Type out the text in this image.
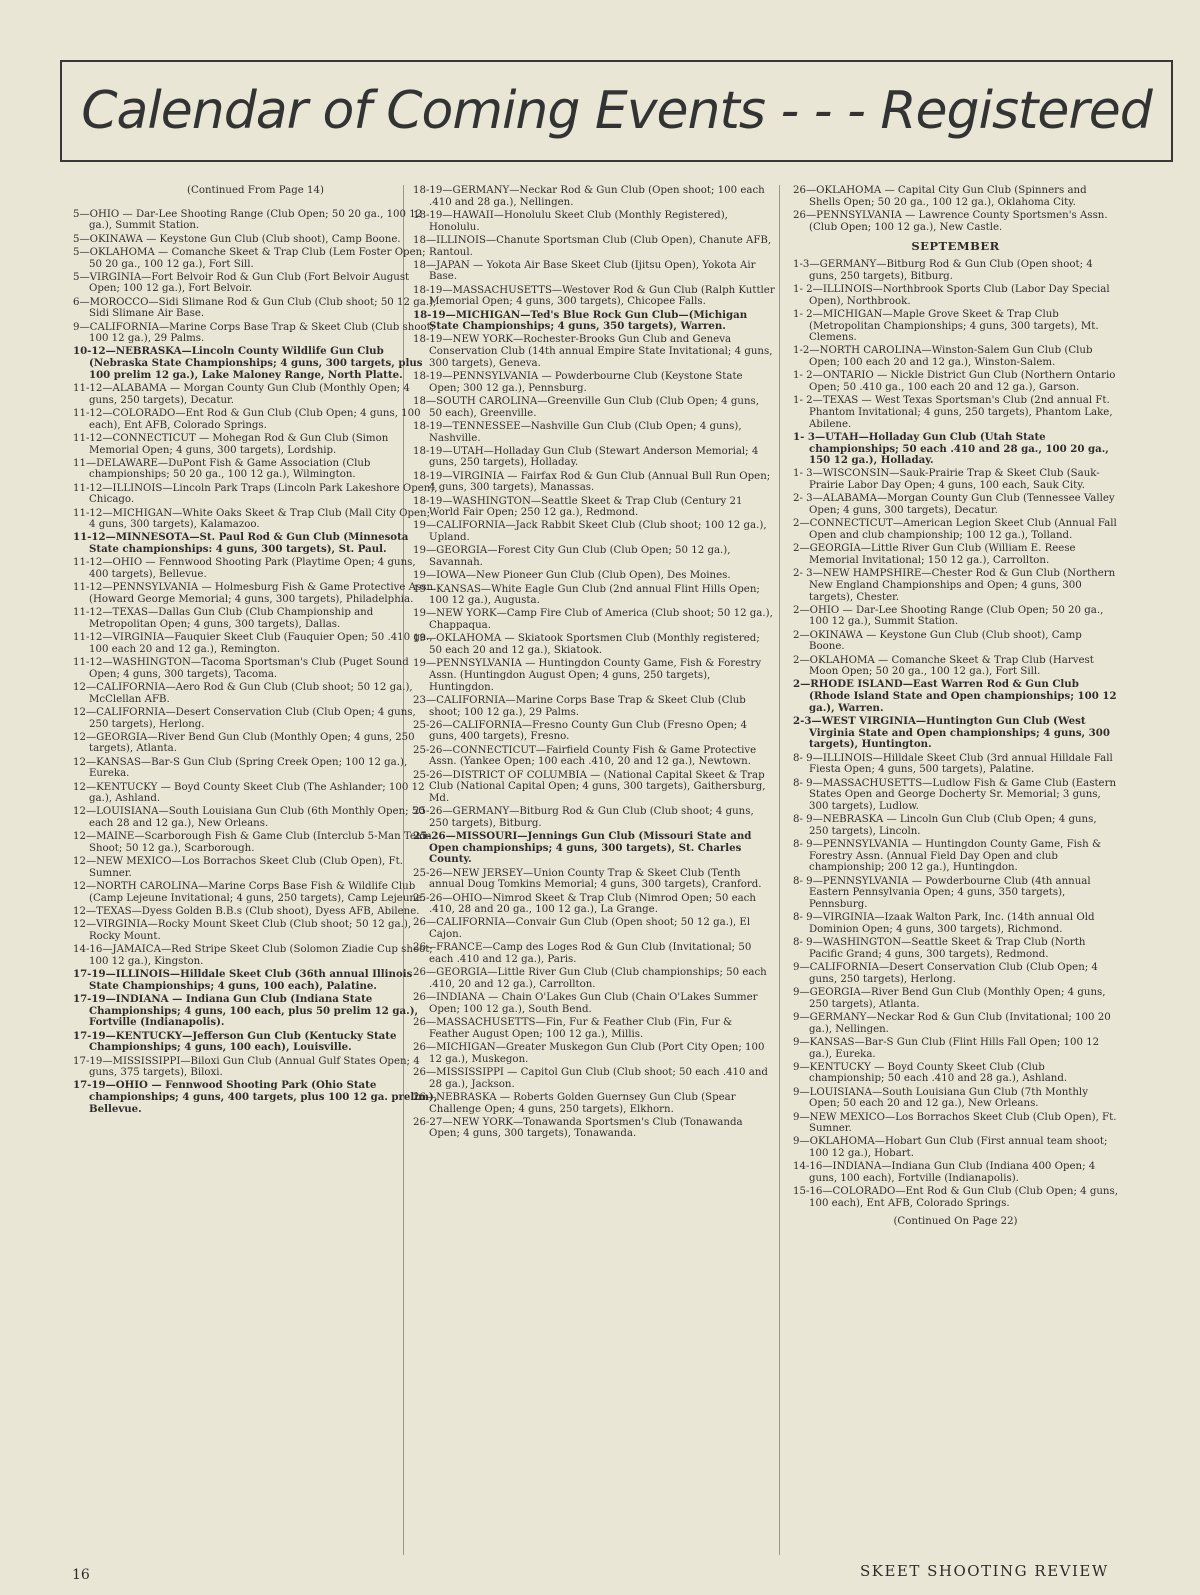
Calendar of Coming Events - - - Registered
(Continued From Page 14)
5—OHIO — Dar-Lee Shooting Range (Club Open; 50 20 ga., 100 12 ga.), Summit Station.
5—OKINAWA — Keystone Gun Club (Club shoot), Camp Boone.
5—OKLAHOMA — Comanche Skeet & Trap Club (Lem Foster Open; 50 20 ga., 100 12 ga.), Fort Sill.
5—VIRGINIA—Fort Belvoir Rod & Gun Club (Fort Belvoir August Open; 100 12 ga.), Fort Belvoir.
6—MOROCCO—Sidi Slimane Rod & Gun Club (Club shoot; 50 12 ga.), Sidi Slimane Air Base.
9—CALIFORNIA—Marine Corps Base Trap & Skeet Club (Club shoot; 100 12 ga.), 29 Palms.
10-12—NEBRASKA—Lincoln County Wildlife Gun Club (Nebraska State Championships; 4 guns, 300 targets, plus 100 prelim 12 ga.), Lake Maloney Range, North Platte.
11-12—ALABAMA — Morgan County Gun Club (Monthly Open; 4 guns, 250 targets), Decatur.
11-12—COLORADO—Ent Rod & Gun Club (Club Open; 4 guns, 100 each), Ent AFB, Colorado Springs.
11-12—CONNECTICUT — Mohegan Rod & Gun Club (Simon Memorial Open; 4 guns, 300 targets), Lordship.
11—DELAWARE—DuPont Fish & Game Association (Club championships; 50 20 ga., 100 12 ga.), Wilmington.
11-12—ILLINOIS—Lincoln Park Traps (Lincoln Park Lakeshore Open), Chicago.
11-12—MICHIGAN—White Oaks Skeet & Trap Club (Mall City Open; 4 guns, 300 targets), Kalamazoo.
11-12—MINNESOTA—St. Paul Rod & Gun Club (Minnesota State championships: 4 guns, 300 targets), St. Paul.
11-12—OHIO — Fennwood Shooting Park (Playtime Open; 4 guns, 400 targets), Bellevue.
11-12—PENNSYLVANIA — Holmesburg Fish & Game Protective Assn. (Howard George Memorial; 4 guns, 300 targets), Philadelphia.
11-12—TEXAS—Dallas Gun Club (Club Championship and Metropolitan Open; 4 guns, 300 targets), Dallas.
11-12—VIRGINIA—Fauquier Skeet Club (Fauquier Open; 50 .410 ga., 100 each 20 and 12 ga.), Remington.
11-12—WASHINGTON—Tacoma Sportsman's Club (Puget Sound Open; 4 guns, 300 targets), Tacoma.
12—CALIFORNIA—Aero Rod & Gun Club (Club shoot; 50 12 ga.), McClellan AFB.
12—CALIFORNIA—Desert Conservation Club (Club Open; 4 guns, 250 targets), Herlong.
12—GEORGIA—River Bend Gun Club (Monthly Open; 4 guns, 250 targets), Atlanta.
12—KANSAS—Bar-S Gun Club (Spring Creek Open; 100 12 ga.), Eureka.
12—KENTUCKY — Boyd County Skeet Club (The Ashlander; 100 12 ga.), Ashland.
12—LOUISIANA—South Louisiana Gun Club (6th Monthly Open; 50 each 28 and 12 ga.), New Orleans.
12—MAINE—Scarborough Fish & Game Club (Interclub 5-Man Team Shoot; 50 12 ga.), Scarborough.
12—NEW MEXICO—Los Borrachos Skeet Club (Club Open), Ft. Sumner.
12—NORTH CAROLINA—Marine Corps Base Fish & Wildlife Club (Camp Lejeune Invitational; 4 guns, 250 targets), Camp Lejeune.
12—TEXAS—Dyess Golden B.B.s (Club shoot), Dyess AFB, Abilene.
12—VIRGINIA—Rocky Mount Skeet Club (Club shoot; 50 12 ga.), Rocky Mount.
14-16—JAMAICA—Red Stripe Skeet Club (Solomon Ziadie Cup shoot; 100 12 ga.), Kingston.
17-19—ILLINOIS—Hilldale Skeet Club (36th annual Illinois State Championships; 4 guns, 100 each), Palatine.
17-19—INDIANA — Indiana Gun Club (Indiana State Championships; 4 guns, 100 each, plus 50 prelim 12 ga.), Fortville (Indianapolis).
17-19—KENTUCKY—Jefferson Gun Club (Kentucky State Championships; 4 guns, 100 each), Louisville.
17-19—MISSISSIPPI—Biloxi Gun Club (Annual Gulf States Open; 4 guns, 375 targets), Biloxi.
17-19—OHIO — Fennwood Shooting Park (Ohio State championships; 4 guns, 400 targets, plus 100 12 ga. prelim), Bellevue.
18-19—GERMANY—Neckar Rod & Gun Club (Open shoot; 100 each .410 and 28 ga.), Nellingen.
18-19—HAWAII—Honolulu Skeet Club (Monthly Registered), Honolulu.
18—ILLINOIS—Chanute Sportsman Club (Club Open), Chanute AFB, Rantoul.
18—JAPAN — Yokota Air Base Skeet Club (Ijitsu Open), Yokota Air Base.
18-19—MASSACHUSETTS—Westover Rod & Gun Club (Ralph Kuttler Memorial Open; 4 guns, 300 targets), Chicopee Falls.
18-19—MICHIGAN—Ted's Blue Rock Gun Club—(Michigan State Championships; 4 guns, 350 targets), Warren.
18-19—NEW YORK—Rochester-Brooks Gun Club and Geneva Conservation Club (14th annual Empire State Invitational; 4 guns, 300 targets), Geneva.
18-19—PENNSYLVANIA — Powderbourne Club (Keystone State Open; 300 12 ga.), Pennsburg.
18—SOUTH CAROLINA—Greenville Gun Club (Club Open; 4 guns, 50 each), Greenville.
18-19—TENNESSEE—Nashville Gun Club (Club Open; 4 guns), Nashville.
18-19—UTAH—Holladay Gun Club (Stewart Anderson Memorial; 4 guns, 250 targets), Holladay.
18-19—VIRGINIA — Fairfax Rod & Gun Club (Annual Bull Run Open; 4 guns, 300 targets), Manassas.
18-19—WASHINGTON—Seattle Skeet & Trap Club (Century 21 World Fair Open; 250 12 ga.), Redmond.
19—CALIFORNIA—Jack Rabbit Skeet Club (Club shoot; 100 12 ga.), Upland.
19—GEORGIA—Forest City Gun Club (Club Open; 50 12 ga.), Savannah.
19—IOWA—New Pioneer Gun Club (Club Open), Des Moines.
19—KANSAS—White Eagle Gun Club (2nd annual Flint Hills Open; 100 12 ga.), Augusta.
19—NEW YORK—Camp Fire Club of America (Club shoot; 50 12 ga.), Chappaqua.
19—OKLAHOMA — Skiatook Sportsmen Club (Monthly registered; 50 each 20 and 12 ga.), Skiatook.
19—PENNSYLVANIA — Huntingdon County Game, Fish & Forestry Assn. (Huntingdon August Open; 4 guns, 250 targets), Huntingdon.
23—CALIFORNIA—Marine Corps Base Trap & Skeet Club (Club shoot; 100 12 ga.), 29 Palms.
25-26—CALIFORNIA—Fresno County Gun Club (Fresno Open; 4 guns, 400 targets), Fresno.
25-26—CONNECTICUT—Fairfield County Fish & Game Protective Assn. (Yankee Open; 100 each .410, 20 and 12 ga.), Newtown.
25-26—DISTRICT OF COLUMBIA — (National Capital Skeet & Trap Club (National Capital Open; 4 guns, 300 targets), Gaithersburg, Md.
25-26—GERMANY—Bitburg Rod & Gun Club (Club shoot; 4 guns, 250 targets), Bitburg.
25-26—MISSOURI—Jennings Gun Club (Missouri State and Open championships; 4 guns, 300 targets), St. Charles County.
25-26—NEW JERSEY—Union County Trap & Skeet Club (Tenth annual Doug Tomkins Memorial; 4 guns, 300 targets), Cranford.
25-26—OHIO—Nimrod Skeet & Trap Club (Nimrod Open; 50 each .410, 28 and 20 ga., 100 12 ga.), La Grange.
26—CALIFORNIA—Convair Gun Club (Open shoot; 50 12 ga.), El Cajon.
26—FRANCE—Camp des Loges Rod & Gun Club (Invitational; 50 each .410 and 12 ga.), Paris.
26—GEORGIA—Little River Gun Club (Club championships; 50 each .410, 20 and 12 ga.), Carrollton.
26—INDIANA — Chain O'Lakes Gun Club (Chain O'Lakes Summer Open; 100 12 ga.), South Bend.
26—MASSACHUSETTS—Fin, Fur & Feather Club (Fin, Fur & Feather August Open; 100 12 ga.), Millis.
26—MICHIGAN—Greater Muskegon Gun Club (Port City Open; 100 12 ga.), Muskegon.
26—MISSISSIPPI — Capitol Gun Club (Club shoot; 50 each .410 and 28 ga.), Jackson.
26—NEBRASKA — Roberts Golden Guernsey Gun Club (Spear Challenge Open; 4 guns, 250 targets), Elkhorn.
26-27—NEW YORK—Tonawanda Sportsmen's Club (Tonawanda Open; 4 guns, 300 targets), Tonawanda.
26—OKLAHOMA — Capital City Gun Club (Spinners and Shells Open; 50 20 ga., 100 12 ga.), Oklahoma City.
26—PENNSYLVANIA — Lawrence County Sportsmen's Assn. (Club Open; 100 12 ga.), New Castle.
SEPTEMBER
1-3—GERMANY—Bitburg Rod & Gun Club (Open shoot; 4 guns, 250 targets), Bitburg.
1- 2—ILLINOIS—Northbrook Sports Club (Labor Day Special Open), Northbrook.
1- 2—MICHIGAN—Maple Grove Skeet & Trap Club (Metropolitan Championships; 4 guns, 300 targets), Mt. Clemens.
1-2—NORTH CAROLINA—Winston-Salem Gun Club (Club Open; 100 each 20 and 12 ga.), Winston-Salem.
1- 2—ONTARIO — Nickle District Gun Club (Northern Ontario Open; 50 .410 ga., 100 each 20 and 12 ga.), Garson.
1- 2—TEXAS — West Texas Sportsman's Club (2nd annual Ft. Phantom Invitational; 4 guns, 250 targets), Phantom Lake, Abilene.
1- 3—UTAH—Holladay Gun Club (Utah State championships; 50 each .410 and 28 ga., 100 20 ga., 150 12 ga.), Holladay.
1- 3—WISCONSIN—Sauk-Prairie Trap & Skeet Club (Sauk-Prairie Labor Day Open; 4 guns, 100 each, Sauk City.
2- 3—ALABAMA—Morgan County Gun Club (Tennessee Valley Open; 4 guns, 300 targets), Decatur.
2—CONNECTICUT—American Legion Skeet Club (Annual Fall Open and club championship; 100 12 ga.), Tolland.
2—GEORGIA—Little River Gun Club (William E. Reese Memorial Invitational; 150 12 ga.), Carrollton.
2- 3—NEW HAMPSHIRE—Chester Rod & Gun Club (Northern New England Championships and Open; 4 guns, 300 targets), Chester.
2—OHIO — Dar-Lee Shooting Range (Club Open; 50 20 ga., 100 12 ga.), Summit Station.
2—OKINAWA — Keystone Gun Club (Club shoot), Camp Boone.
2—OKLAHOMA — Comanche Skeet & Trap Club (Harvest Moon Open; 50 20 ga., 100 12 ga.), Fort Sill.
2—RHODE ISLAND—East Warren Rod & Gun Club (Rhode Island State and Open championships; 100 12 ga.), Warren.
2-3—WEST VIRGINIA—Huntington Gun Club (West Virginia State and Open championships; 4 guns, 300 targets), Huntington.
8- 9—ILLINOIS—Hilldale Skeet Club (3rd annual Hilldale Fall Fiesta Open; 4 guns, 500 targets), Palatine.
8- 9—MASSACHUSETTS—Ludlow Fish & Game Club (Eastern States Open and George Docherty Sr. Memorial; 3 guns, 300 targets), Ludlow.
8- 9—NEBRASKA — Lincoln Gun Club (Club Open; 4 guns, 250 targets), Lincoln.
8- 9—PENNSYLVANIA — Huntingdon County Game, Fish & Forestry Assn. (Annual Field Day Open and club championship; 200 12 ga.), Huntingdon.
8- 9—PENNSYLVANIA — Powderbourne Club (4th annual Eastern Pennsylvania Open; 4 guns, 350 targets), Pennsburg.
8- 9—VIRGINIA—Izaak Walton Park, Inc. (14th annual Old Dominion Open; 4 guns, 300 targets), Richmond.
8- 9—WASHINGTON—Seattle Skeet & Trap Club (North Pacific Grand; 4 guns, 300 targets), Redmond.
9—CALIFORNIA—Desert Conservation Club (Club Open; 4 guns, 250 targets), Herlong.
9—GEORGIA—River Bend Gun Club (Monthly Open; 4 guns, 250 targets), Atlanta.
9—GERMANY—Neckar Rod & Gun Club (Invitational; 100 20 ga.), Nellingen.
9—KANSAS—Bar-S Gun Club (Flint Hills Fall Open; 100 12 ga.), Eureka.
9—KENTUCKY — Boyd County Skeet Club (Club championship; 50 each .410 and 28 ga.), Ashland.
9—LOUISIANA—South Louisiana Gun Club (7th Monthly Open; 50 each 20 and 12 ga.), New Orleans.
9—NEW MEXICO—Los Borrachos Skeet Club (Club Open), Ft. Sumner.
9—OKLAHOMA—Hobart Gun Club (First annual team shoot; 100 12 ga.), Hobart.
14-16—INDIANA—Indiana Gun Club (Indiana 400 Open; 4 guns, 100 each), Fortville (Indianapolis).
15-16—COLORADO—Ent Rod & Gun Club (Club Open; 4 guns, 100 each), Ent AFB, Colorado Springs.
(Continued On Page 22)
16	SKEET SHOOTING REVIEW
